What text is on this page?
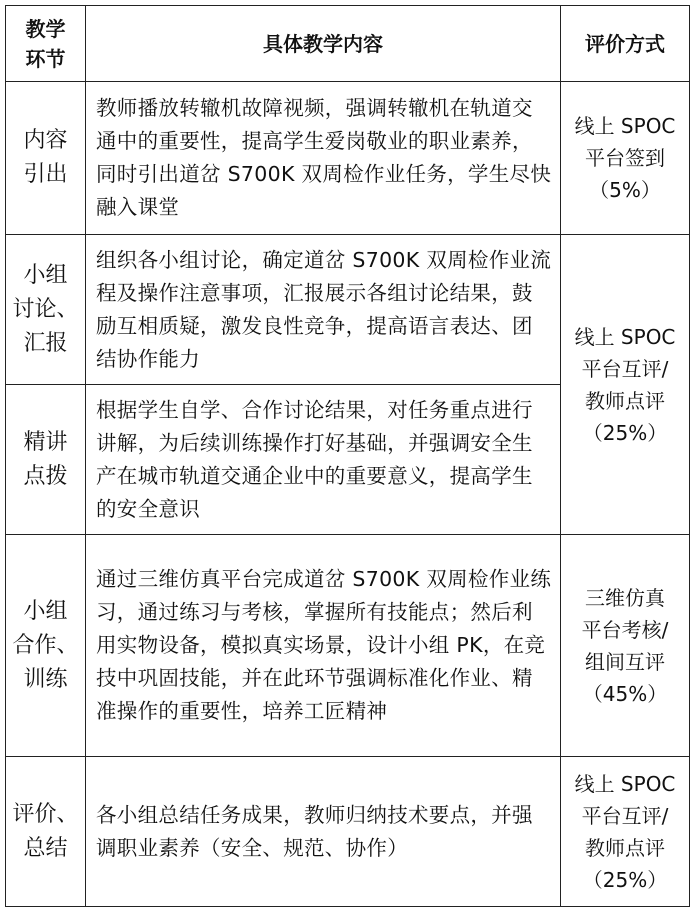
教学
环节	具体教学内容	评价方式

内容
引出	教师播放转辙机故障视频，强调转辙机在轨道交通中的重要性，提高学生爱岗敬业的职业素养，同时引出道岔 S700K 双周检作业任务，学生尽快融入课堂	线上 SPOC
平台签到
（5%）

小组
讨论、
汇报	组织各小组讨论，确定道岔 S700K 双周检作业流程及操作注意事项，汇报展示各组讨论结果，鼓励互相质疑，激发良性竞争，提高语言表达、团结协作能力	线上 SPOC
平台互评/
教师点评
（25%）

精讲
点拨	根据学生自学、合作讨论结果，对任务重点进行讲解，为后续训练操作打好基础，并强调安全生产在城市轨道交通企业中的重要意义，提高学生的安全意识	

小组
合作、
训练	通过三维仿真平台完成道岔 S700K 双周检作业练习，通过练习与考核，掌握所有技能点；然后利用实物设备，模拟真实场景，设计小组 PK，在竞技中巩固技能，并在此环节强调标准化作业、精准操作的重要性，培养工匠精神	三维仿真
平台考核/
组间互评
（45%）

评价、
总结	各小组总结任务成果，教师归纳技术要点，并强调职业素养（安全、规范、协作）	线上 SPOC
平台互评/
教师点评
（25%）
